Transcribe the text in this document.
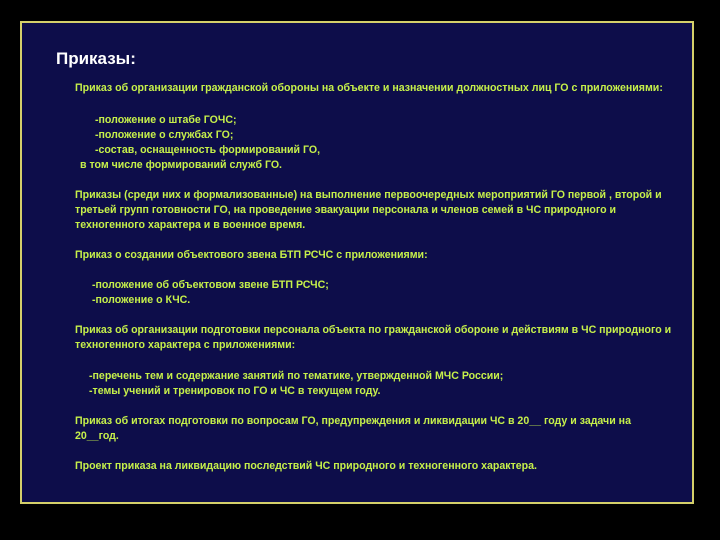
Приказы:

Приказ об организации гражданской обороны на объекте и назначении должностных лиц ГО с приложениями:

-положение о штабе ГОЧС;
-положение о службах ГО;
-состав, оснащенность формирований ГО,
в том числе формирований служб ГО.

Приказы (среди них и формализованные) на выполнение первоочередных мероприятий ГО первой , второй и третьей групп готовности ГО, на проведение эвакуации персонала и членов семей в ЧС природного и техногенного характера и в военное время.

Приказ о создании объектового звена БТП РСЧС с приложениями:

-положение об объектовом звене БТП РСЧС;
-положение о КЧС.

Приказ об организации подготовки персонала объекта по гражданской обороне и действиям в ЧС природного и техногенного характера с приложениями:

-перечень тем и содержание занятий по тематике, утвержденной МЧС России;
-темы учений и тренировок по ГО и ЧС в текущем году.

Приказ об итогах подготовки по вопросам ГО, предупреждения и ликвидации ЧС в 20__ году и задачи на 20__год.

Проект приказа на ликвидацию последствий ЧС природного и техногенного характера.
